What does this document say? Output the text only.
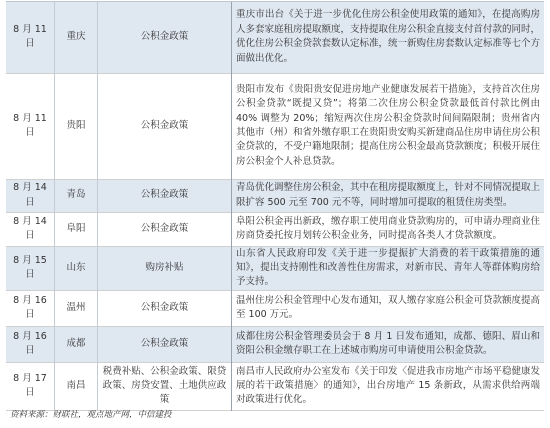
8 月 11 日	重庆	公积金政策	重庆市出台《关于进一步优化住房公积金使用政策的通知》，在提高购房人多套家庭租房提取额度，支持提取住房公积金直接支付首付款的同时，优化住房公积金贷款套数认定标准，统一新购住房套数认定标准等七个方面做出优化。
8 月 11 日	贵阳	公积金政策	贵阳市发布《贵阳贵安促进房地产业健康发展若干措施》，支持首次住房公积金贷款“既提又贷”；将第二次住房公积金贷款最低首付款比例由 40% 调整为 20%；缩短两次住房公积金贷款时间间隔限制；贵州省内其他市（州）和省外缴存职工在贵阳贵安购买新建商品住房申请住房公积金贷款的，不受户籍地限制；提高住房公积金最高贷款额度；积极开展住房公积金个人补息贷款。
8 月 14 日	青岛	公积金政策	青岛优化调整住房公积金，其中在租房提取额度上，针对不同情况提取上限扩容 500 元至 700 元不等，同时增加可提取的租赁住房类型。
8 月 14 日	阜阳	公积金政策	阜阳公积金再出新政，缴存职工使用商业贷款购房的，可申请办理商业住房商贷委托按月划转公积金业务，同时提高各类人才贷款额度。
8 月 15 日	山东	购房补贴	山东省人民政府印发《关于进一步提振扩大消费的若干政策措施的通知》，提出支持刚性和改善性住房需求，对新市民、青年人等群体购房给予支持。
8 月 16 日	温州	公积金政策	温州住房公积金管理中心发布通知，双人缴存家庭公积金可贷款额度提高至 100 万元。
8 月 16 日	成都	公积金政策	成都住房公积金管理委员会于 8 月 1 日发布通知，成都、德阳、眉山和资阳公积金缴存职工在上述城市购房可申请使用公积金贷款。
8 月 17 日	南昌	税费补贴、公积金政策、限贷政策、房贷安置、土地供应政策	南昌市人民政府办公室发布《关于印发〈促进我市房地产市场平稳健康发展的若干政策措施〉的通知》，出台房地产 15 条新政，从需求供给两端对政策进行优化。
资料来源：财联社，观点地产网，中信建投
